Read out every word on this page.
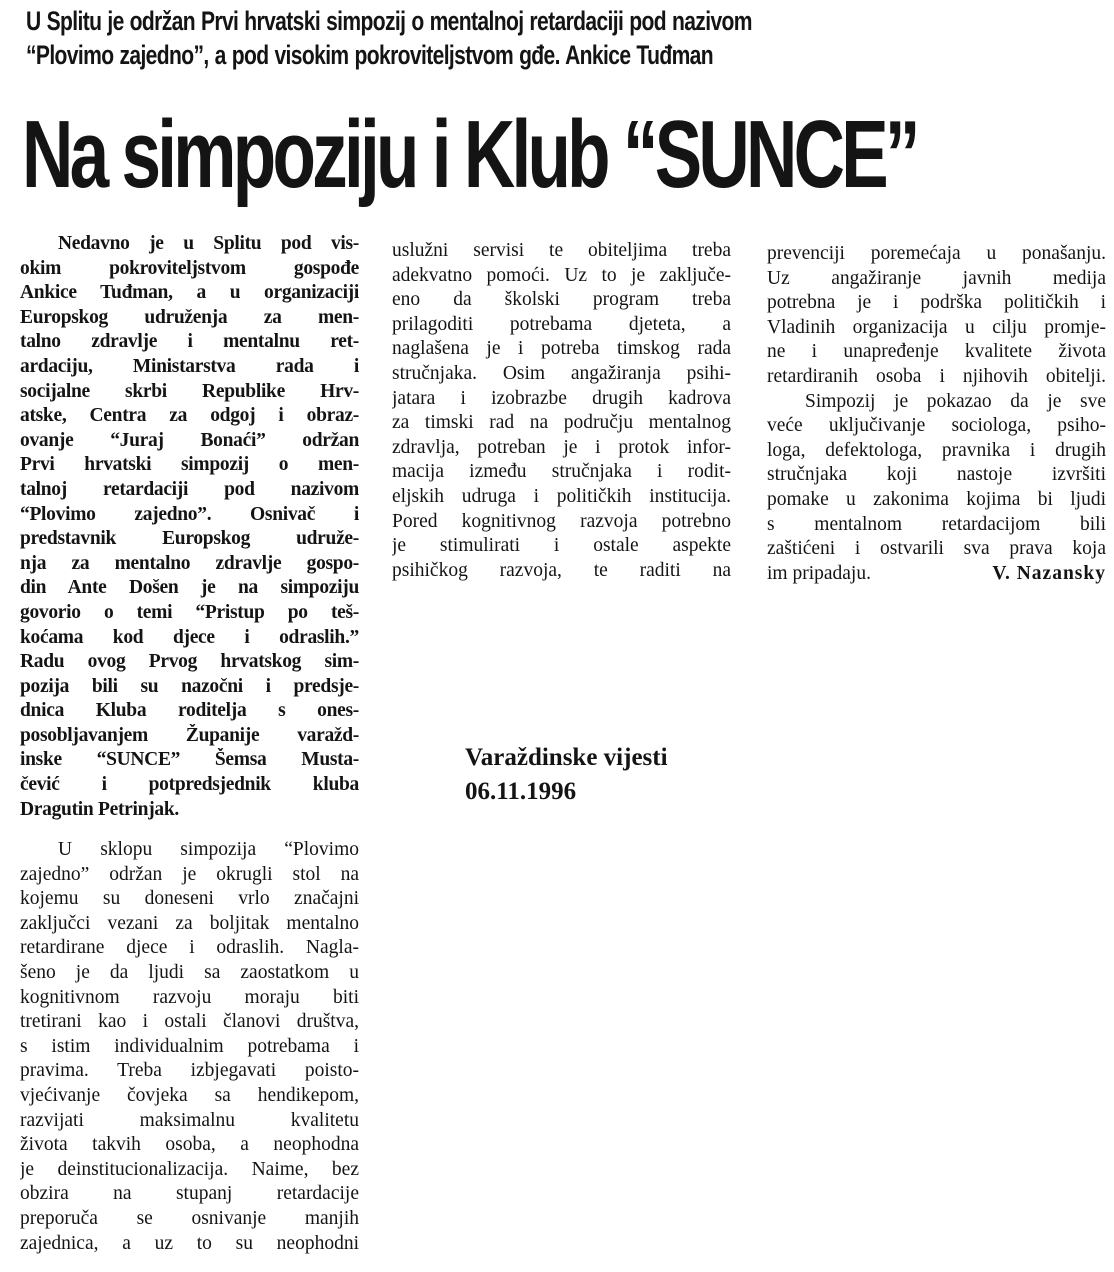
U Splitu je održan Prvi hrvatski simpozij o mentalnoj retardaciji pod nazivom
“Plovimo zajedno”, a pod visokim pokroviteljstvom gđe. Ankice Tuđman
Na simpoziju i Klub “SUNCE”
Nedavno je u Splitu pod vis-
okim pokroviteljstvom gospođe
Ankice Tuđman, a u organizaciji
Europskog udruženja za men-
talno zdravlje i mentalnu ret-
ardaciju, Ministarstva rada i
socijalne skrbi Republike Hrv-
atske, Centra za odgoj i obraz-
ovanje “Juraj Bonaći” održan
Prvi hrvatski simpozij o men-
talnoj retardaciji pod nazivom
“Plovimo zajedno”. Osnivač i
predstavnik Europskog udruže-
nja za mentalno zdravlje gospo-
din Ante Došen je na simpoziju
govorio o temi “Pristup po teš-
koćama kod djece i odraslih.”
Radu ovog Prvog hrvatskog sim-
pozija bili su nazočni i predsje-
dnica Kluba roditelja s ones-
posobljavanjem Županije varažd-
inske “SUNCE” Šemsa Musta-
čević i potpredsjednik kluba
Dragutin Petrinjak.
U sklopu simpozija “Plovimo
zajedno” održan je okrugli stol na
kojemu su doneseni vrlo značajni
zaključci vezani za boljitak mentalno
retardirane djece i odraslih. Nagla-
šeno je da ljudi sa zaostatkom u
kognitivnom razvoju moraju biti
tretirani kao i ostali članovi društva,
s istim individualnim potrebama i
pravima. Treba izbjegavati poisto-
vjećivanje čovjeka sa hendikepom,
razvijati maksimalnu kvalitetu
života takvih osoba, a neophodna
je deinstitucionalizacija. Naime, bez
obzira na stupanj retardacije
preporuča se osnivanje manjih
zajednica, a uz to su neophodni
uslužni servisi te obiteljima treba
adekvatno pomoći. Uz to je zaključe-
eno da školski program treba
prilagoditi potrebama djeteta, a
naglašena je i potreba timskog rada
stručnjaka. Osim angažiranja psihi-
jatara i izobrazbe drugih kadrova
za timski rad na području mentalnog
zdravlja, potreban je i protok infor-
macija između stručnjaka i rodit-
eljskih udruga i političkih institucija.
Pored kognitivnog razvoja potrebno
je stimulirati i ostale aspekte
psihičkog razvoja, te raditi na
prevenciji poremećaja u ponašanju.
Uz angažiranje javnih medija
potrebna je i podrška političkih i
Vladinih organizacija u cilju promje-
ne i unapređenje kvalitete života
retardiranih osoba i njihovih obitelji.
Simpozij je pokazao da je sve
veće uključivanje sociologa, psiho-
loga, defektologa, pravnika i drugih
stručnjaka koji nastoje izvršiti
pomake u zakonima kojima bi ljudi
s mentalnom retardacijom bili
zaštićeni i ostvarili sva prava koja
im pripadaju.	V. Nazansky
Varaždinske vijesti
06.11.1996
